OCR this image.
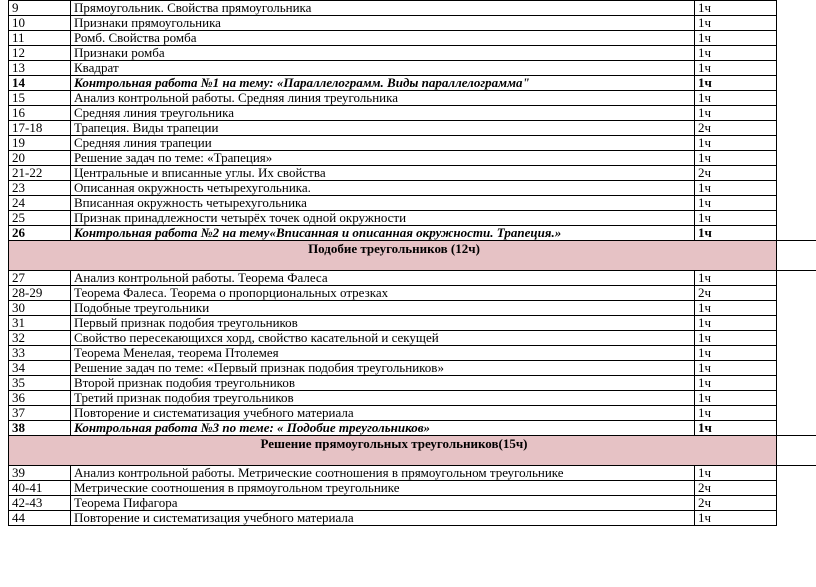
9	Прямоугольник. Свойства прямоугольника	1ч	
10	Признаки прямоугольника	1ч	
11	Ромб. Свойства ромба	1ч	
12	Признаки ромба	1ч	
13	Квадрат	1ч	
14	Контрольная работа №1 на тему: «Параллелограмм. Виды параллелограмма"	1ч	
15	Анализ контрольной работы. Средняя линия треугольника	1ч	
16	Средняя линия треугольника	1ч	
17-18	Трапеция. Виды трапеции	2ч	
19	Средняя линия трапеции	1ч	
20	Решение задач по теме: «Трапеция»	1ч	
21-22	Центральные и вписанные углы. Их свойства	2ч	
23	Описанная окружность четырехугольника.	1ч	
24	Вписанная окружность четырехугольника	1ч	
25	Признак принадлежности четырёх точек одной окружности	1ч	
26	Контрольная работа №2 на тему«Вписанная и описанная окружности. Трапеция.»	1ч	
Подобие треугольников (12ч)			
27	Анализ контрольной работы. Теорема Фалеса	1ч	
28-29	Теорема Фалеса. Теорема о пропорциональных отрезках	2ч	
30	Подобные треугольники	1ч	
31	Первый признак подобия треугольников	1ч	
32	Свойство пересекающихся хорд, свойство касательной и секущей	1ч	
33	Теорема Менелая, теорема Птолемея	1ч	
34	Решение задач по теме: «Первый признак подобия треугольников»	1ч	
35	Второй признак подобия треугольников	1ч	
36	Третий признак подобия треугольников	1ч	
37	Повторение и систематизация учебного материала	1ч	
38	Контрольная работа №3 по теме: « Подобие треугольников»	1ч	
Решение прямоугольных треугольников(15ч)			
39	Анализ контрольной работы. Метрические соотношения в прямоугольном треугольнике	1ч	
40-41	Метрические соотношения в прямоугольном треугольнике	2ч	
42-43	Теорема Пифагора	2ч	
44	Повторение и систематизация учебного материала	1ч	
